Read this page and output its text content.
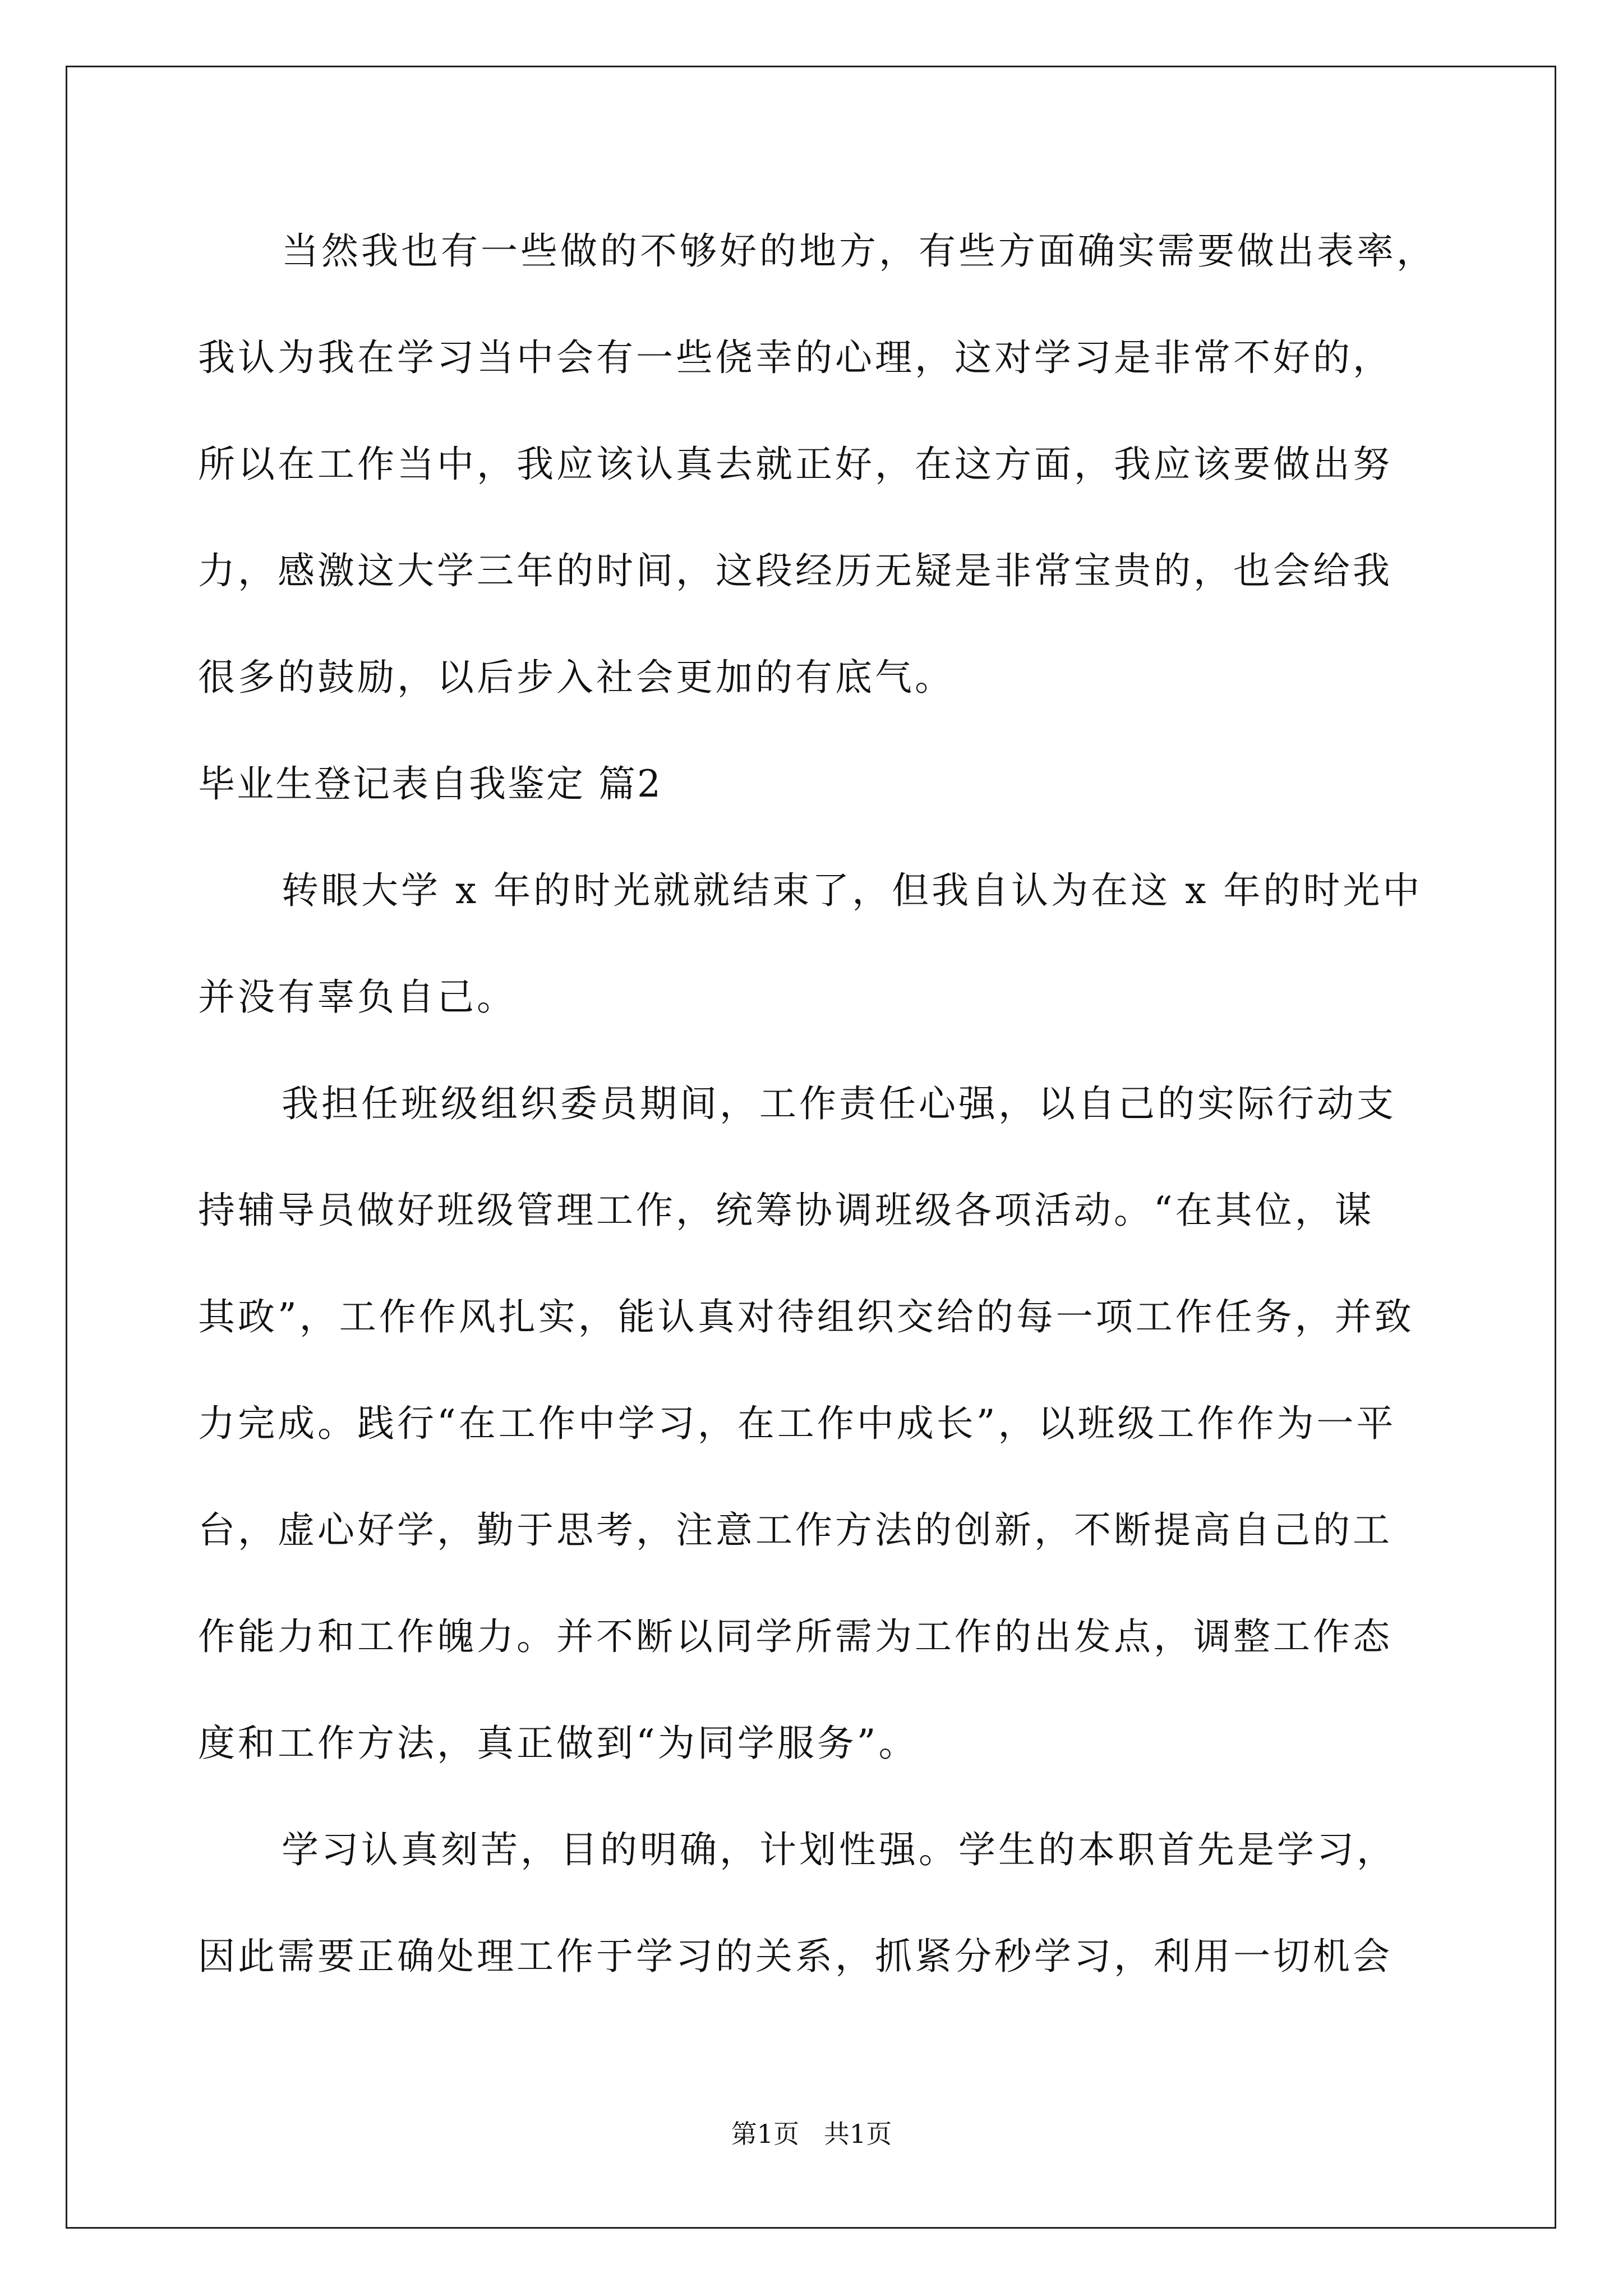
当然我也有一些做的不够好的地方，有些方面确实需要做出表率，

我认为我在学习当中会有一些侥幸的心理，这对学习是非常不好的，

所以在工作当中，我应该认真去就正好，在这方面，我应该要做出努

力，感激这大学三年的时间，这段经历无疑是非常宝贵的，也会给我

很多的鼓励，以后步入社会更加的有底气。

毕业生登记表自我鉴定 篇2

转眼大学 x 年的时光就就结束了，但我自认为在这 x 年的时光中

并没有辜负自己。

我担任班级组织委员期间，工作责任心强，以自己的实际行动支

持辅导员做好班级管理工作，统筹协调班级各项活动。“在其位，谋

其政”，工作作风扎实，能认真对待组织交给的每一项工作任务，并致

力完成。践行“在工作中学习，在工作中成长”，以班级工作作为一平

台，虚心好学，勤于思考，注意工作方法的创新，不断提高自己的工

作能力和工作魄力。并不断以同学所需为工作的出发点，调整工作态

度和工作方法，真正做到“为同学服务”。

学习认真刻苦，目的明确，计划性强。学生的本职首先是学习，

因此需要正确处理工作于学习的关系，抓紧分秒学习，利用一切机会

第1页   共1页
